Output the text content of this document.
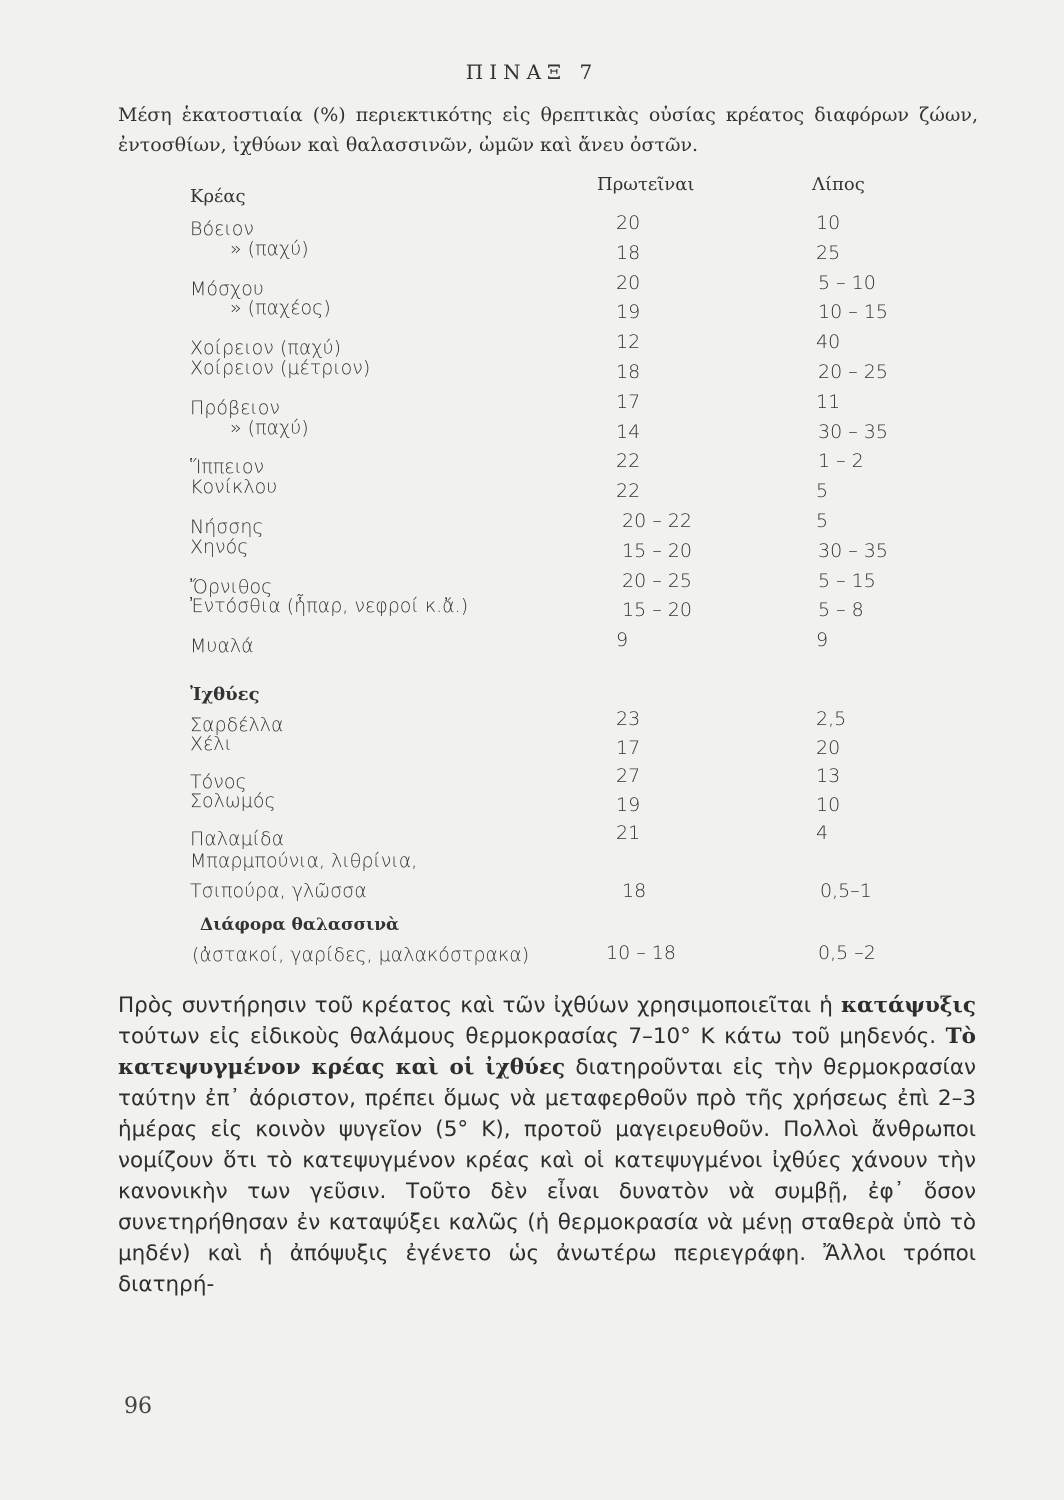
ΠΙΝΑΞ 7
Μέση ἑκατοστιαία (%) περιεκτικότης εἰς θρεπτικὰς οὐσίας κρέατος διαφόρων ζώων, ἐντοσθίων, ἰχθύων καὶ θαλασσινῶν, ὠμῶν καὶ ἄνευ ὀστῶν.
Κρέας
Πρωτεῖναι	Λίπος
Βόειον	20	10
» (παχύ)	18	25
Μόσχου	20	5 – 10
» (παχέος)	19	10 – 15
Χοίρειον (παχύ)	12	40
Χοίρειον (μέτριον)	18	20 – 25
Πρόβειον	17	11
» (παχύ)	14	30 – 35
Ἵππειον	22	1 – 2
Κονίκλου	22	5
Νήσσης	20 – 22	5
Χηνός	15 – 20	30 – 35
Ὄρνιθος	20 – 25	5 – 15
Ἐντόσθια (ἧπαρ, νεφροί κ.ἄ.)	15 – 20	5 – 8
Μυαλά	9	9
Ἰχθύες
Σαρδέλλα	23	2,5
Χέλι	17	20
Τόνος	27	13
Σολωμός	19	10
Παλαμίδα	21	4
Μπαρμπούνια, λιθρίνια,
Τσιπούρα, γλῶσσα	18	0,5–1
Διάφορα θαλασσινὰ
(ἀστακοί, γαρίδες, μαλακόστρακα)	10 – 18	0,5 –2
Πρὸς συντήρησιν τοῦ κρέατος καὶ τῶν ἰχθύων χρησιμοποιεῖται ἡ κατάψυξις τούτων εἰς εἰδικοὺς θαλάμους θερμοκρασίας 7–10° Κ κάτω τοῦ μηδενός. Τὸ κατεψυγμένον κρέας καὶ οἱ ἰχθύες διατηροῦνται εἰς τὴν θερμοκρασίαν ταύτην ἐπ᾿ ἀόριστον, πρέπει ὅμως νὰ μεταφερθοῦν πρὸ τῆς χρήσεως ἐπὶ 2–3 ἡμέρας εἰς κοινὸν ψυγεῖον (5° Κ), προτοῦ μαγειρευθοῦν. Πολλοὶ ἄνθρωποι νομίζουν ὅτι τὸ κατεψυγμένον κρέας καὶ οἱ κατεψυγμένοι ἰχθύες χάνουν τὴν κανονικὴν των γεῦσιν. Τοῦτο δὲν εἶναι δυνατὸν νὰ συμβῇ, ἐφ᾿ ὅσον συνετηρήθησαν ἐν καταψύξει καλῶς (ἡ θερμοκρασία νὰ μένῃ σταθερὰ ὑπὸ τὸ μηδέν) καὶ ἡ ἀπόψυξις ἐγένετο ὡς ἀνωτέρω περιεγράφη. Ἄλλοι τρόποι διατηρή-
96
